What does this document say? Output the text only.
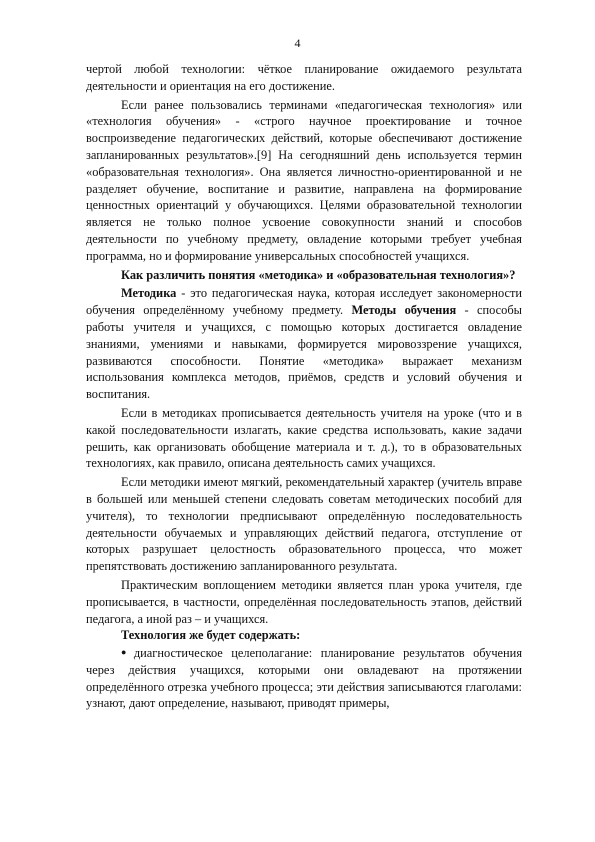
4

чертой любой технологии: чёткое планирование ожидаемого результата деятельности и ориентация на его достижение.

Если ранее пользовались терминами «педагогическая технология» или «технология обучения» - «строго научное проектирование и точное воспроизведение педагогических действий, которые обеспечивают достижение запланированных результатов».[9] На сегодняшний день используется термин «образовательная технология». Она является личностно-ориентированной и не разделяет обучение, воспитание и развитие, направлена на формирование ценностных ориентаций у обучающихся. Целями образовательной технологии является не только полное усвоение совокупности знаний и способов деятельности по учебному предмету, овладение которыми требует учебная программа, но и формирование универсальных способностей учащихся.

Как различить понятия «методика» и «образовательная технология»?

Методика - это педагогическая наука, которая исследует закономерности обучения определённому учебному предмету. Методы обучения - способы работы учителя и учащихся, с помощью которых достигается овладение знаниями, умениями и навыками, формируется мировоззрение учащихся, развиваются способности. Понятие «методика» выражает механизм использования комплекса методов, приёмов, средств и условий обучения и воспитания.

Если в методиках прописывается деятельность учителя на уроке (что и в какой последовательности излагать, какие средства использовать, какие задачи решить, как организовать обобщение материала и т. д.), то в образовательных технологиях, как правило, описана деятельность самих учащихся.

Если методики имеют мягкий, рекомендательный характер (учитель вправе в большей или меньшей степени следовать советам методических пособий для учителя), то технологии предписывают определённую последовательность деятельности обучаемых и управляющих действий педагога, отступление от которых разрушает целостность образовательного процесса, что может препятствовать достижению запланированного результата.

Практическим воплощением методики является план урока учителя, где прописывается, в частности, определённая последовательность этапов, действий педагога, а иной раз – и учащихся.

Технология же будет содержать:

● диагностическое целеполагание: планирование результатов обучения через действия учащихся, которыми они овладевают на протяжении определённого отрезка учебного процесса; эти действия записываются глаголами: узнают, дают определение, называют, приводят примеры,
